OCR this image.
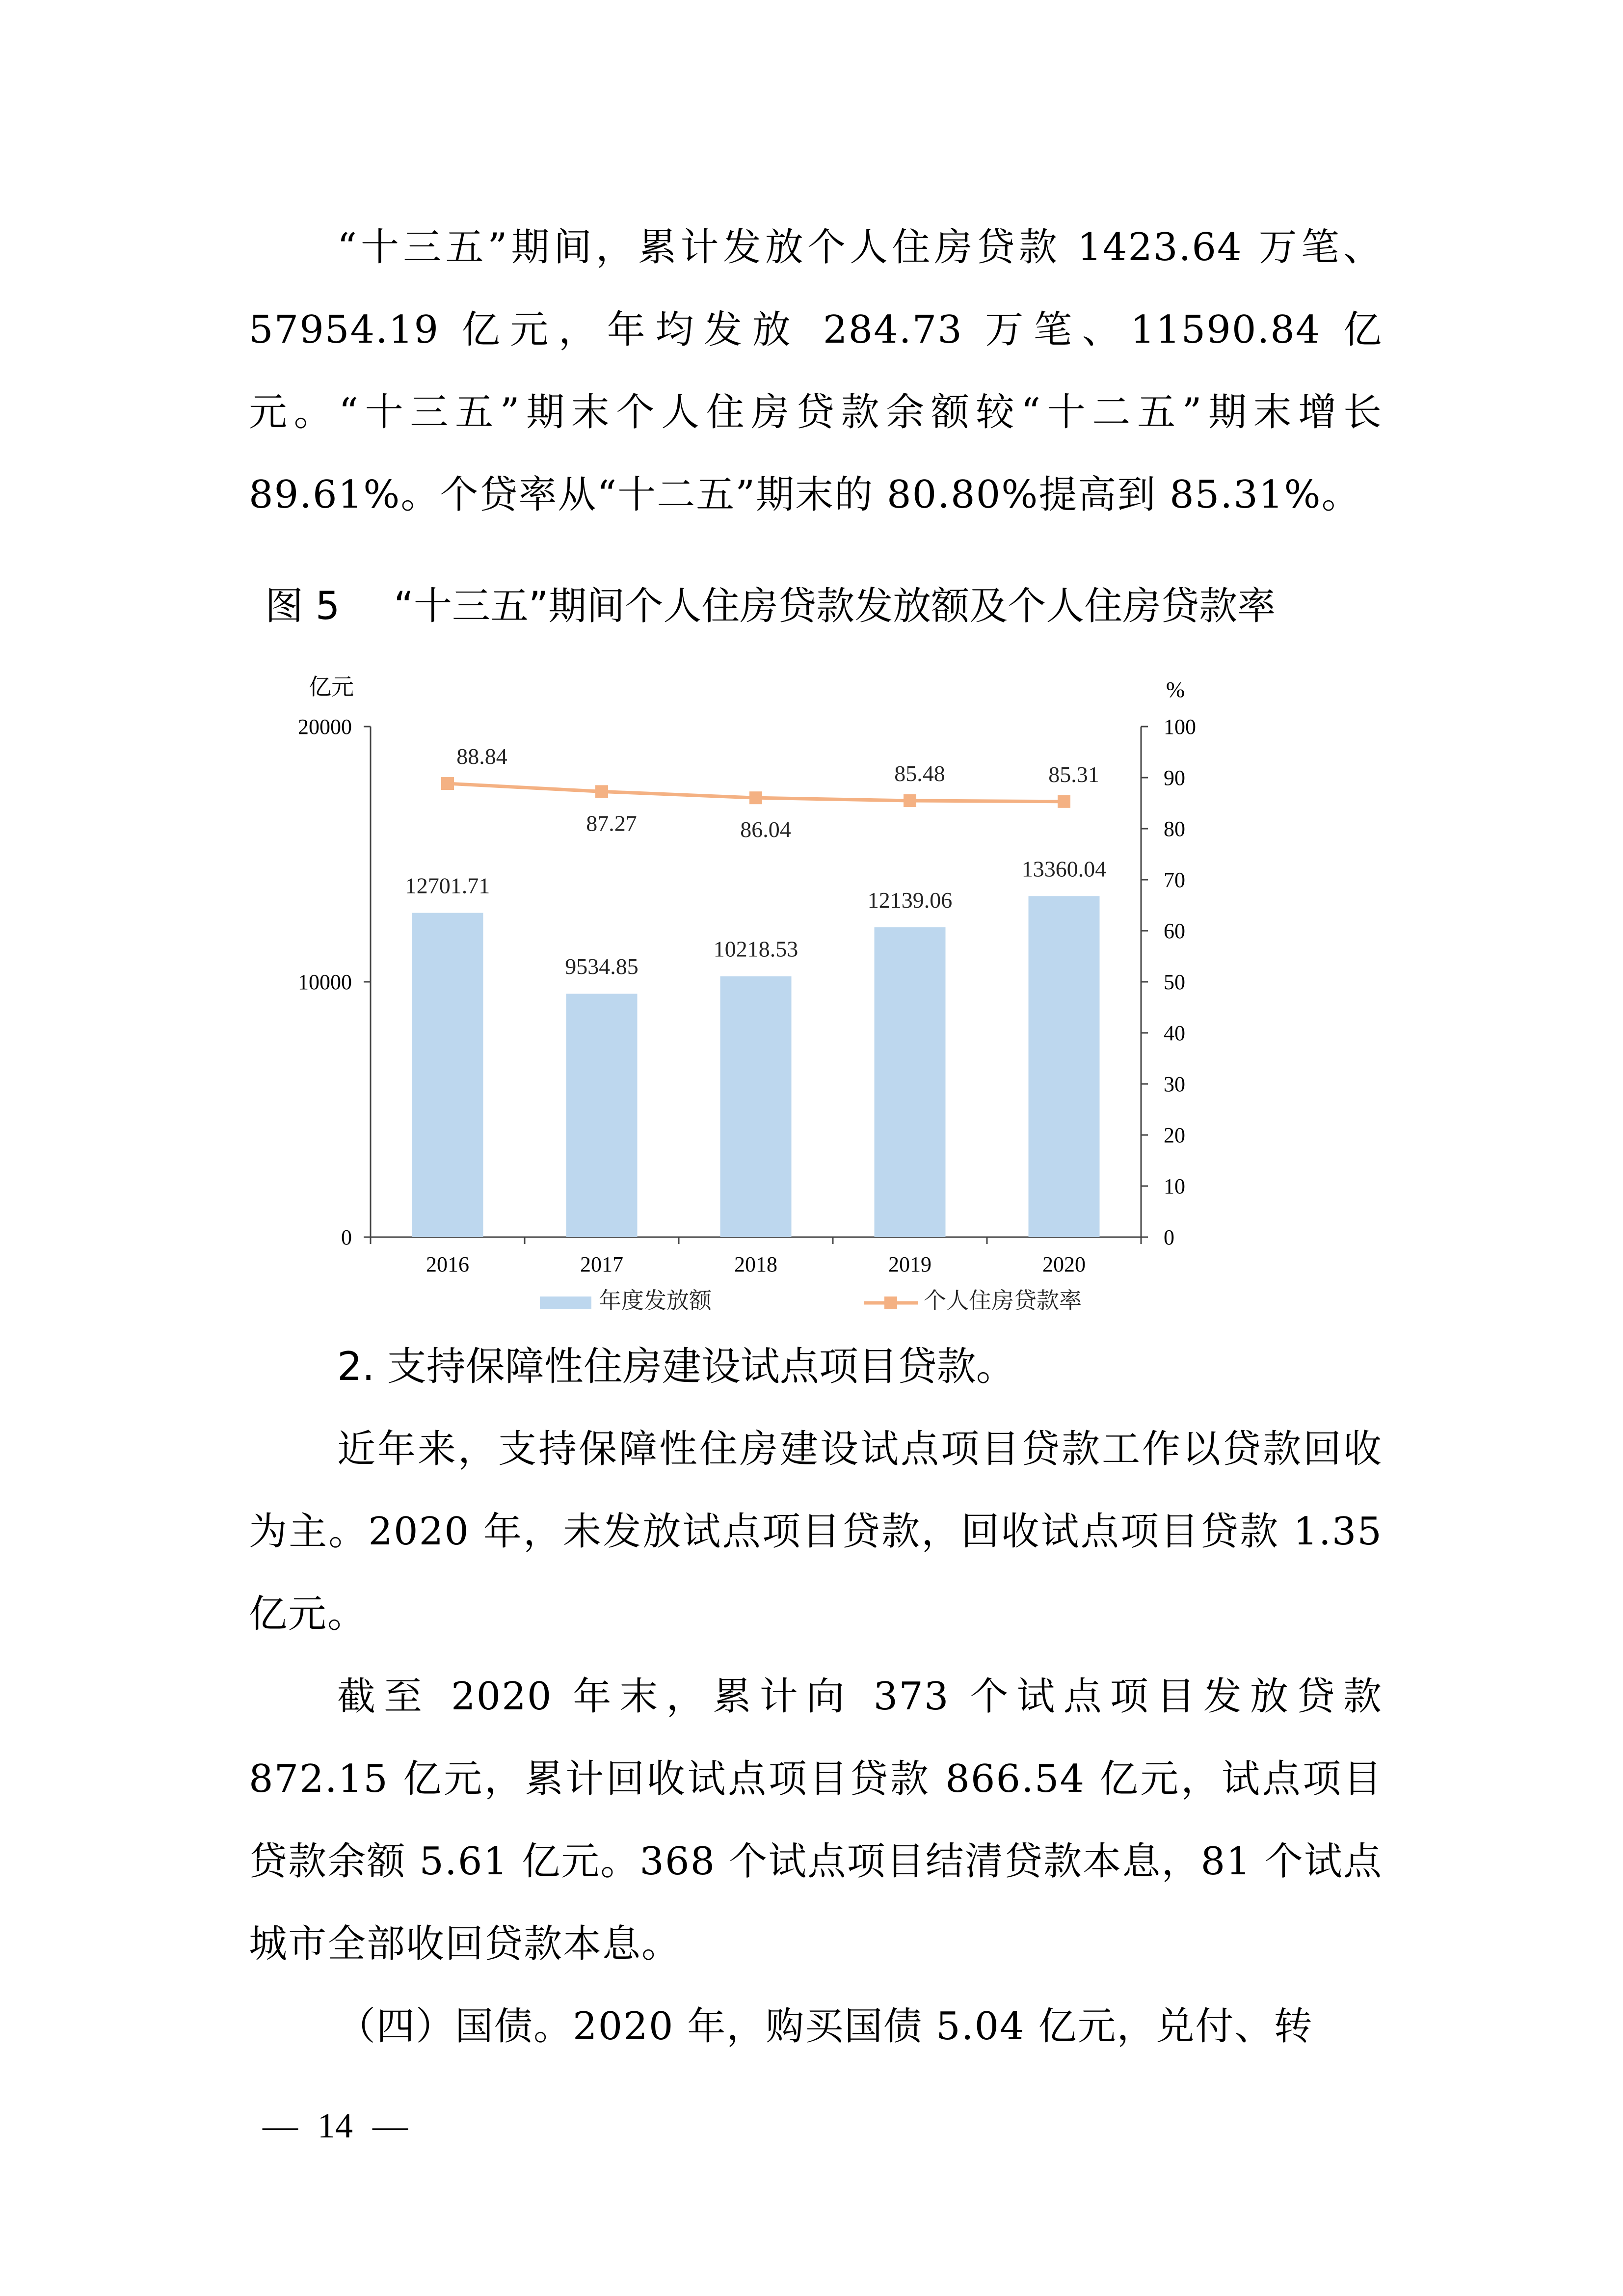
“十三五”期间，累计发放个人住房贷款 1423.64 万笔、57954.19 亿元，年均发放 284.73 万笔、11590.84 亿元。“十三五”期末个人住房贷款余额较“十二五”期末增长 89.61%。个贷率从“十二五”期末的 80.80%提高到 85.31%。

图 5 “十三五”期间个人住房贷款发放额及个人住房贷款率

亿元	%
0
10000
20000
0
10
20
30
40
50
60
70
80
90
100
2016	2017	2018	2019	2020
12701.71
9534.85
10218.53
12139.06
13360.04
88.84
87.27	86.04
85.48	85.31
年度发放额	个人住房贷款率

2. 支持保障性住房建设试点项目贷款。

近年来，支持保障性住房建设试点项目贷款工作以贷款回收为主。2020 年，未发放试点项目贷款，回收试点项目贷款 1.35 亿元。

截至 2020 年末，累计向 373 个试点项目发放贷款 872.15 亿元，累计回收试点项目贷款 866.54 亿元，试点项目贷款余额 5.61 亿元。368 个试点项目结清贷款本息，81 个试点城市全部收回贷款本息。

（四）国债。2020 年，购买国债 5.04 亿元，兑付、转

— 14 —
